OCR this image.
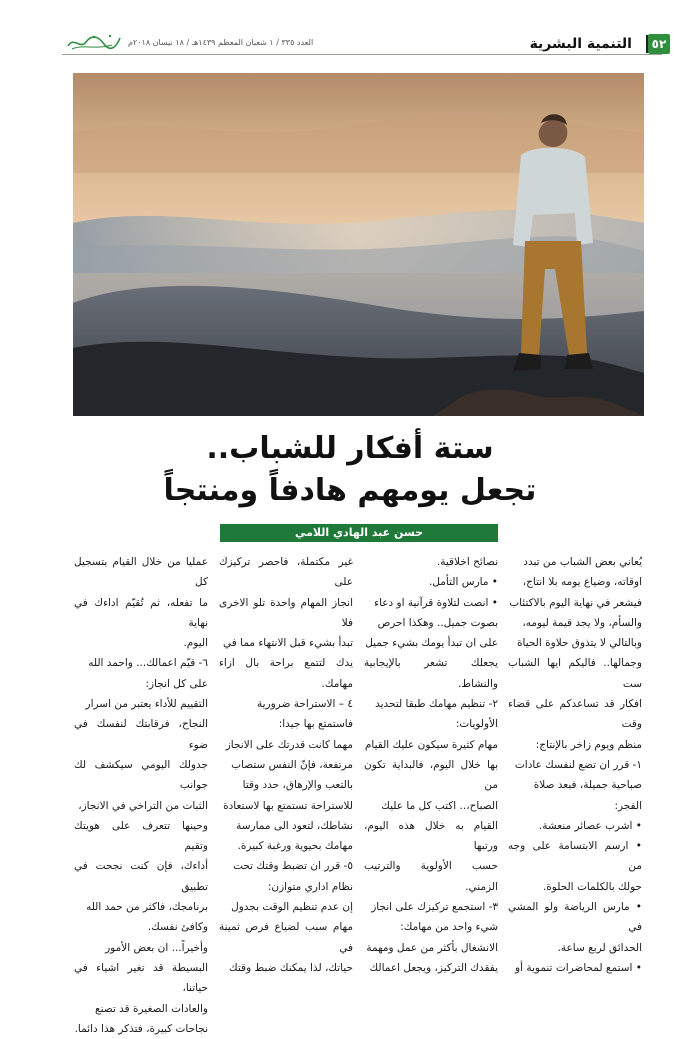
العدد ٣٣٥ / ١ شعبان المعظم ١٤٣٩هـ / ١٨ نيسان ٢٠١٨م	التنمية البشرية	٥٢
ستة أفكار للشباب..
تجعل يومهم هادفاً ومنتجاً
حسن عبد الهادي اللامي

يُعاني بعض الشباب من تبدد

اوقاته، وضياع يومه بلا انتاج،

فيشعر في نهاية اليوم بالاكتئاب

والسأم، ولا يجد قيمة ليومه،

وبالتالي لا يتذوق حلاوة الحياة

وجمالها.. فاليكم ايها الشباب ست

افكار قد تساعدكم على قضاء وقت

منظم ويوم زاخر بالإنتاج:

١- قرر ان تضع لنفسك عادات

صباحية جميلة، فبعد صلاة

الفجر:

• اشرب عصائر منعشة.

• ارسم الابتسامة على وجه من

حولك بالكلمات الحلوة.

• مارس الرياضة ولو المشي في

الحدائق لربع ساعة.

• استمع لمحاضرات تنموية أو

نصائح اخلاقية.

• مارس التأمل.

• انصت لتلاوة قرآنية او دعاء

بصوت جميل.. وهكذا احرص

على ان تبدأ يومك بشيء جميل

يجعلك تشعر بالإيجابية والنشاط.

٢- تنظيم مهامك طبقا لتحديد

الأولويات:

مهام كثيرة سيكون عليك القيام

بها خلال اليوم، فالبداية تكون من

الصباح،.. اكتب كل ما عليك

القيام به خلال هذه اليوم، ورتبها

حسب الأولوية والترتيب الزمني.

٣- استجمع تركيزك على انجاز

شيء واحد من مهامك:

الانشغال بأكثر من عمل ومهمة

يفقدك التركيز، ويجعل اعمالك

غير مكتملة، فاحصر تركيزك على

انجاز المهام واحدة تلو الاخرى فلا

تبدأ بشيء قبل الانتهاء مما في

يدك لتتمع براحة بال ازاء مهامك.

٤ – الاستراحة ضرورية

فاستمتع بها جيدا:

مهما كانت قدرتك على الانجاز

مرتفعة، فإنّ النفس ستصاب

بالتعب والإرهاق، حدد وقتا

للاستراحة تستمتع بها لاستعادة

نشاطك، لتعود الى ممارسة

مهامك بحيوية ورغبة كبيرة.

٥- قرر ان تضبط وقتك تحت

نظام اداري متوازن:

إن عدم تنظيم الوقت بجدول

مهام سبب لضياع فرص ثمينة في

حياتك، لذا يمكنك ضبط وقتك

عمليا من خلال القيام بتسجيل كل

ما تفعله، ثم تُقيّم اداءك في نهاية

اليوم.

٦- قيّم اعمالك... واحمد الله

على كل انجاز:

التقييم للأداء يعتبر من اسرار

النجاح، فرقابتك لنفسك في ضوء

جدولك اليومي سيكشف لك جوانب

الثبات من التراخي في الانجاز،

وحينها تتعرف على هويتك وتقيم

أداءك، فإن كنت نجحت في تطبيق

برنامجك، فاكثر من حمد الله

وكافئ نفسك.

وأخيراً... ان بعض الأمور

البسيطة قد تغير اشياء في حياتنا،

والعادات الصغيرة قد تصنع

نجاحات كبيرة، فتذكر هذا دائما.
